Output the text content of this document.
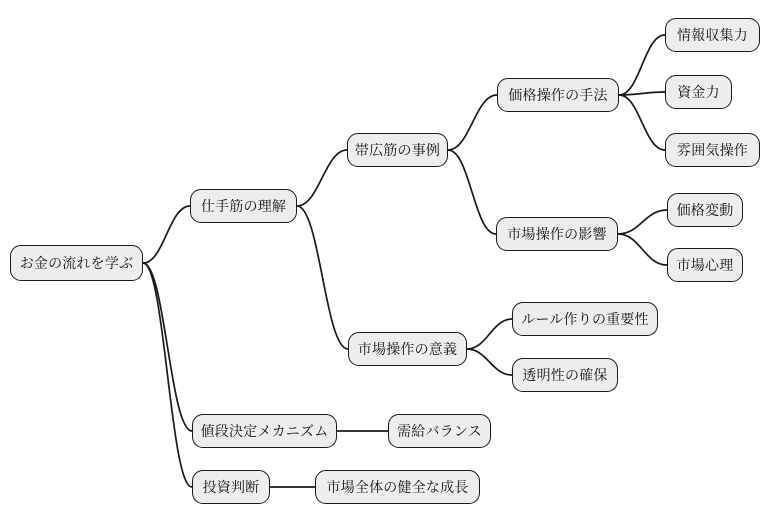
お金の流れを学ぶ
仕手筋の理解
帯広筋の事例
価格操作の手法
情報収集力
資金力
雰囲気操作
市場操作の影響
価格変動
市場心理
市場操作の意義
ルール作りの重要性
透明性の確保
値段決定メカニズム	需給バランス
投資判断	市場全体の健全な成長
